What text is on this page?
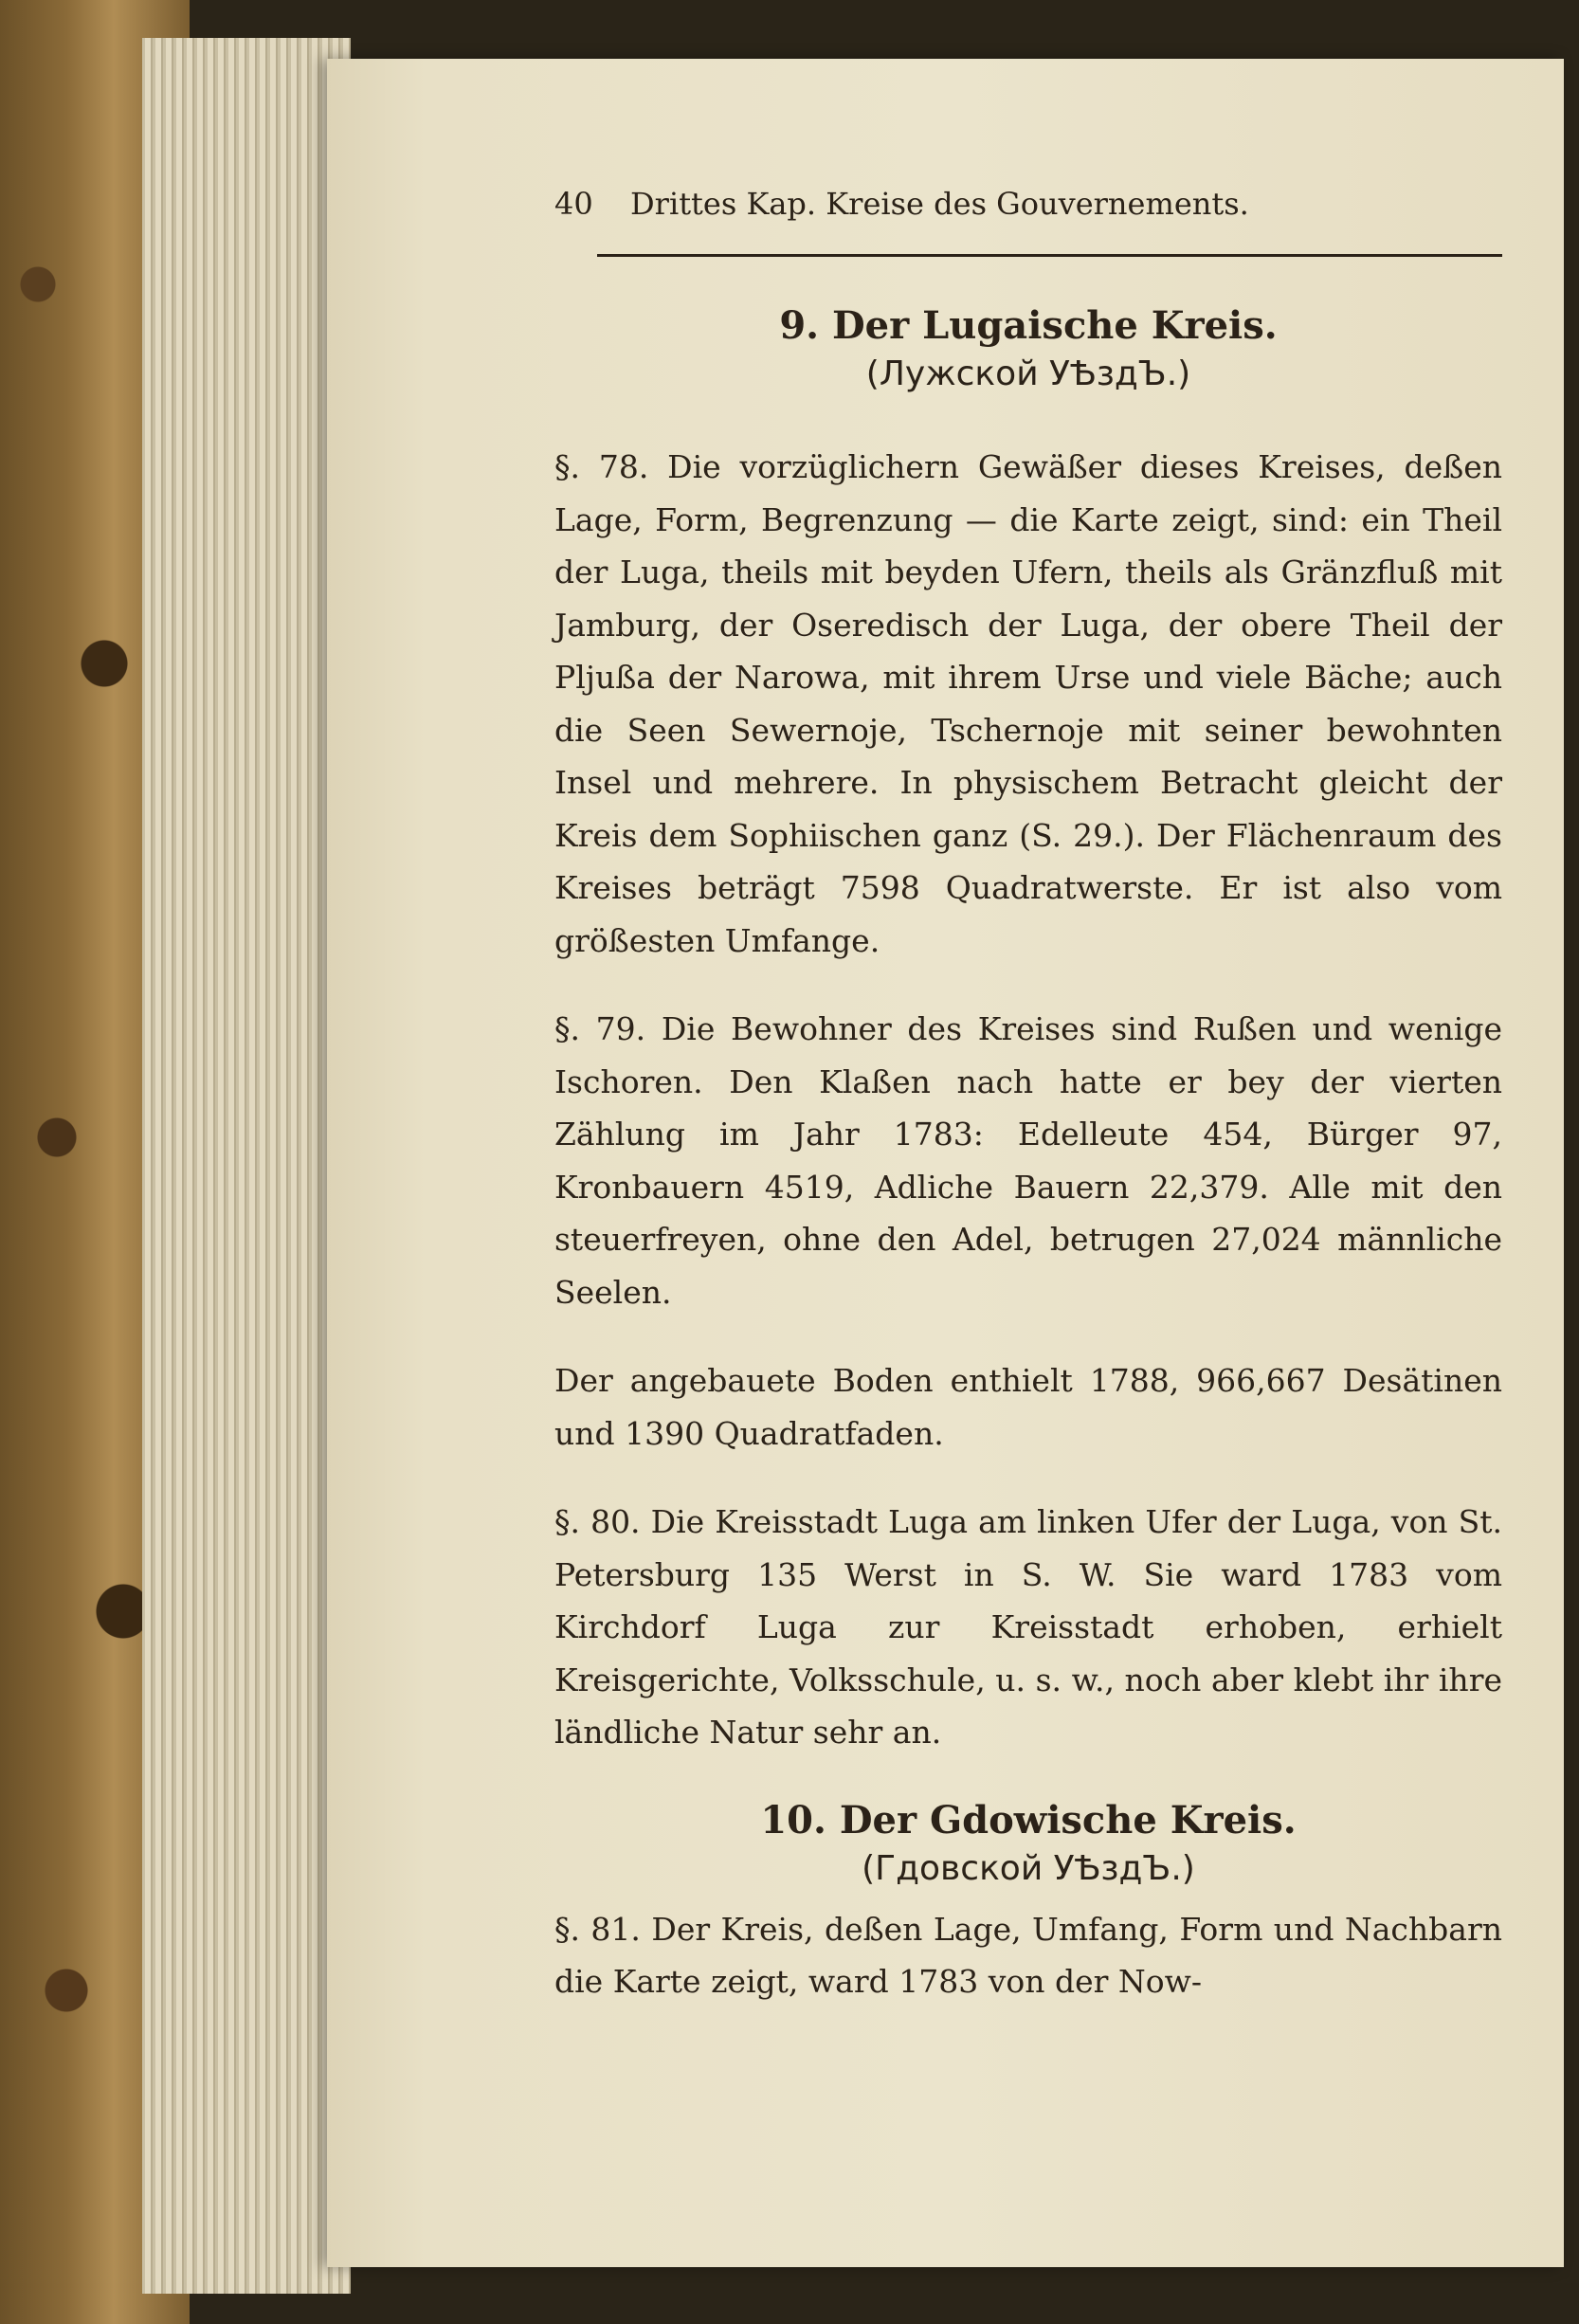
40 Drittes Kap. Kreise des Gouvernements.
9. Der Lugaische Kreis.
(Лужской УѢздЪ.)
§. 78. Die vorzüglichern Gewäßer dieses Kreises, deßen Lage, Form, Begrenzung — die Karte zeigt, sind: ein Theil der Luga, theils mit beyden Ufern, theils als Gränzfluß mit Jamburg, der Oseredisch der Luga, der obere Theil der Pljußa der Narowa, mit ihrem Urse und viele Bäche; auch die Seen Sewernoje, Tschernoje mit seiner bewohnten Insel und mehrere. In physischem Betracht gleicht der Kreis dem Sophiischen ganz (S. 29.). Der Flächenraum des Kreises beträgt 7598 Quadratwerste. Er ist also vom größesten Umfange.
§. 79. Die Bewohner des Kreises sind Rußen und wenige Ischoren. Den Klaßen nach hatte er bey der vierten Zählung im Jahr 1783: Edelleute 454, Bürger 97, Kronbauern 4519, Adliche Bauern 22,379. Alle mit den steuerfreyen, ohne den Adel, betrugen 27,024 männliche Seelen.
Der angebauete Boden enthielt 1788, 966,667 Desätinen und 1390 Quadratfaden.
§. 80. Die Kreisstadt Luga am linken Ufer der Luga, von St. Petersburg 135 Werst in S. W. Sie ward 1783 vom Kirchdorf Luga zur Kreisstadt erhoben, erhielt Kreisgerichte, Volksschule, u. s. w., noch aber klebt ihr ihre ländliche Natur sehr an.
10. Der Gdowische Kreis.
(Гдовской УѢздЪ.)
§. 81. Der Kreis, deßen Lage, Umfang, Form und Nachbarn die Karte zeigt, ward 1783 von der Now-
